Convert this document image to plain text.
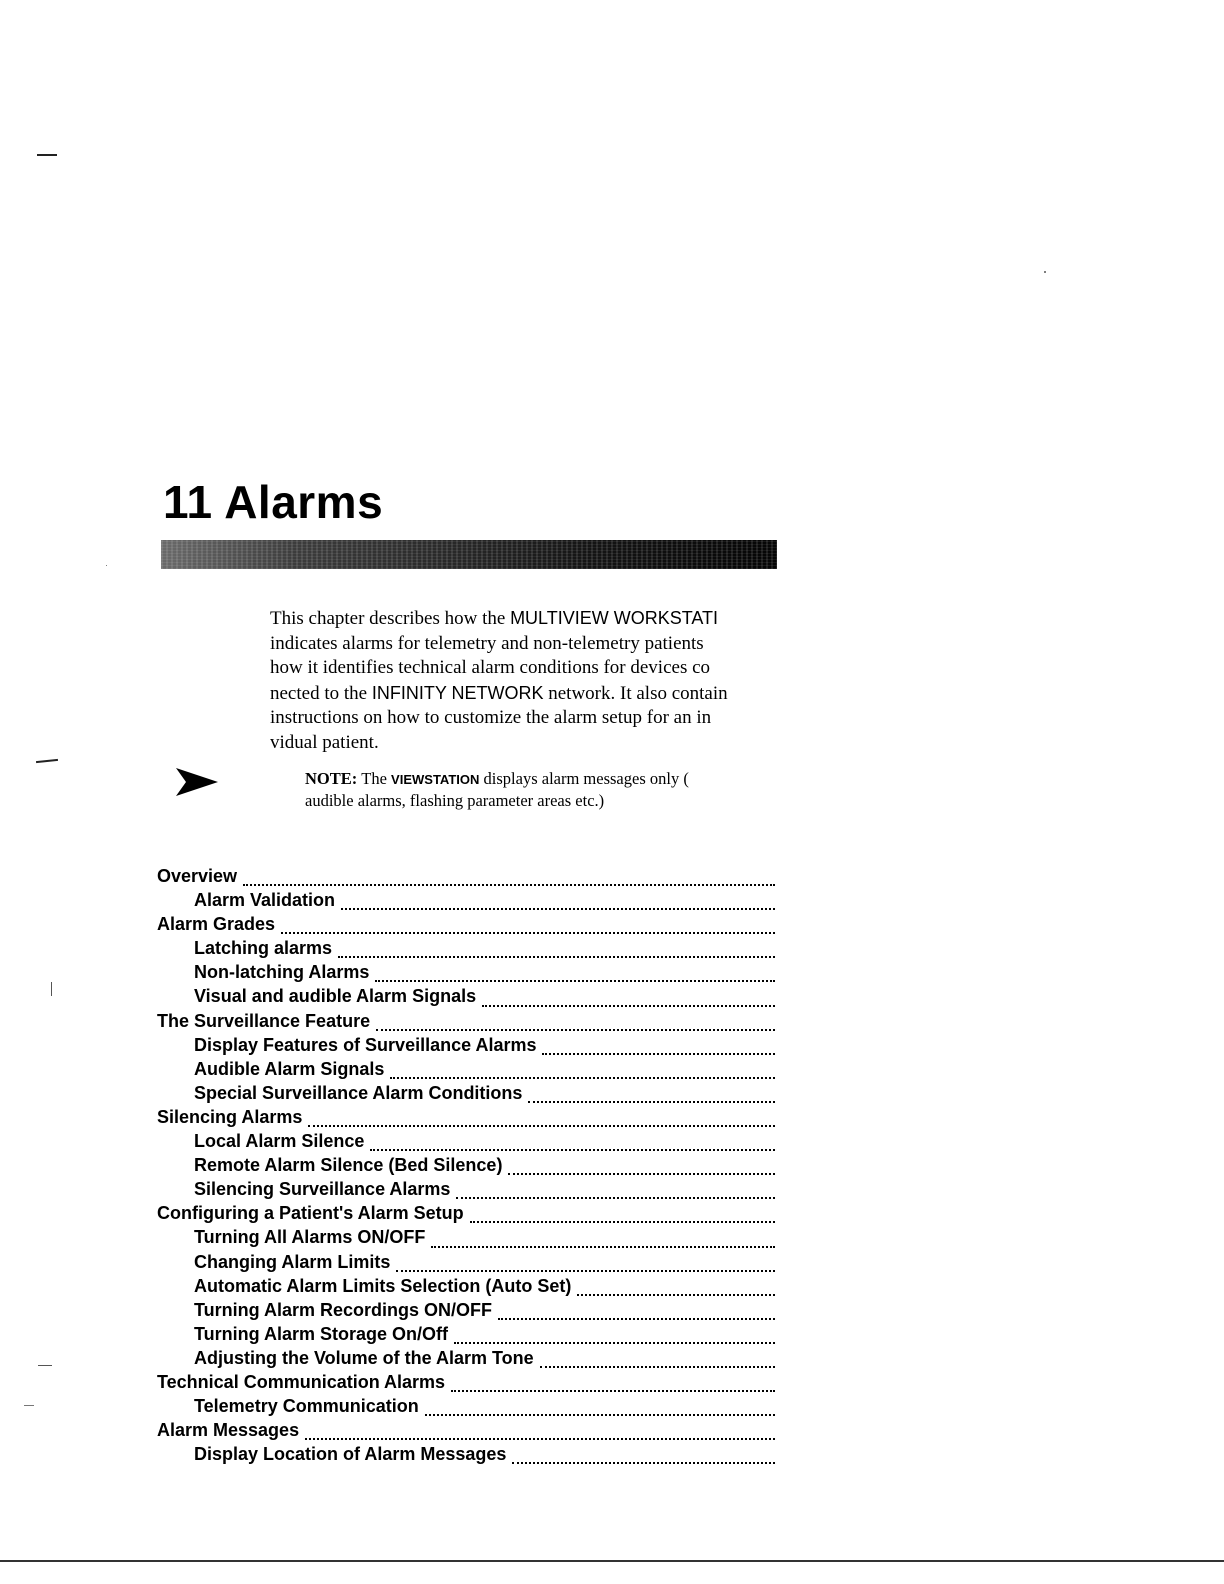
11 Alarms
This chapter describes how the MULTIVIEW WORKSTATI
indicates alarms for telemetry and non-telemetry patients
how it identifies technical alarm conditions for devices co
nected to the INFINITY NETWORK network. It also contain
instructions on how to customize the alarm setup for an in
vidual patient.
NOTE: The VIEWSTATION displays alarm messages only (
audible alarms, flashing parameter areas etc.)
Overview
Alarm Validation
Alarm Grades
Latching alarms
Non-latching Alarms
Visual and audible Alarm Signals
The Surveillance Feature
Display Features of Surveillance Alarms
Audible Alarm Signals
Special Surveillance Alarm Conditions
Silencing Alarms
Local Alarm Silence
Remote Alarm Silence (Bed Silence)
Silencing Surveillance Alarms
Configuring a Patient's Alarm Setup
Turning All Alarms ON/OFF
Changing Alarm Limits
Automatic Alarm Limits Selection (Auto Set)
Turning Alarm Recordings ON/OFF
Turning Alarm Storage On/Off
Adjusting the Volume of the Alarm Tone
Technical Communication Alarms
Telemetry Communication
Alarm Messages
Display Location of Alarm Messages
